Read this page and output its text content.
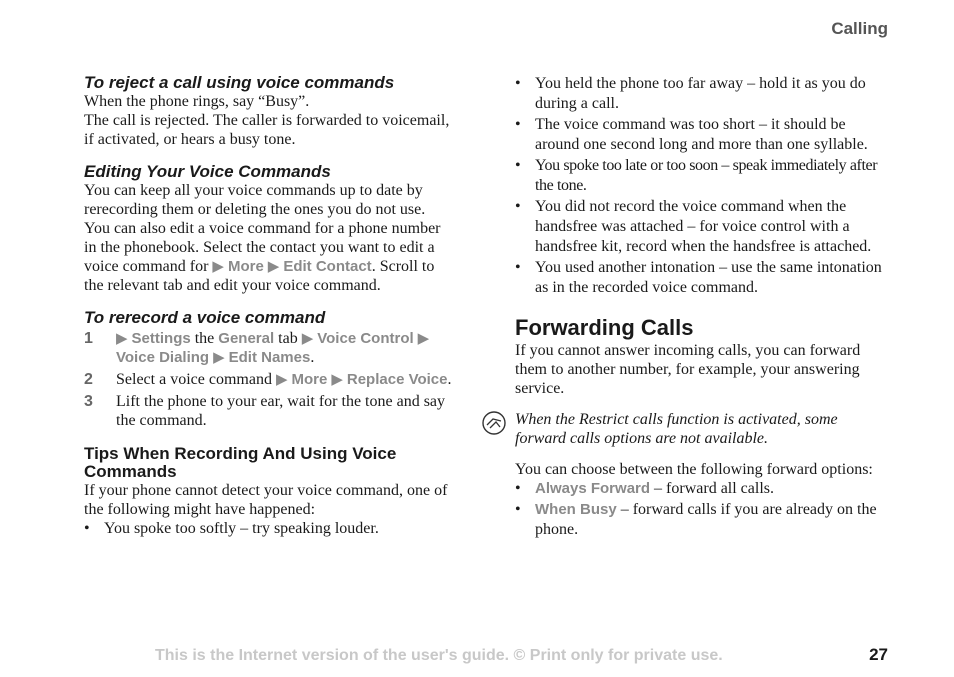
Calling
To reject a call using voice commands

When the phone rings, say “Busy”.

The call is rejected. The caller is forwarded to voicemail, if activated, or hears a busy tone.

Editing Your Voice Commands

You can keep all your voice commands up to date by rerecording them or deleting the ones you do not use.

You can also edit a voice command for a phone number in the phonebook. Select the contact you want to edit a voice command for ▶ More ▶ Edit Contact. Scroll to the relevant tab and edit your voice command.

To rerecord a voice command
1 ▶ Settings the General tab ▶ Voice Control ▶ Voice Dialing ▶ Edit Names.
2 Select a voice command ▶ More ▶ Replace Voice.
3 Lift the phone to your ear, wait for the tone and say the command.
Tips When Recording And Using Voice Commands

If your phone cannot detect your voice command, one of the following might have happened:

• You spoke too softly – try speaking louder.
• You held the phone too far away – hold it as you do during a call.
• The voice command was too short – it should be around one second long and more than one syllable.
• You spoke too late or too soon – speak immediately after the tone.
• You did not record the voice command when the handsfree was attached – for voice control with a handsfree kit, record when the handsfree is attached.
• You used another intonation – use the same intonation as in the recorded voice command.
Forwarding Calls

If you cannot answer incoming calls, you can forward them to another number, for example, your answering service.

When the Restrict calls function is activated, some forward calls options are not available.

You can choose between the following forward options:

• Always Forward – forward all calls.
• When Busy – forward calls if you are already on the phone.
This is the Internet version of the user's guide. © Print only for private use.	27
